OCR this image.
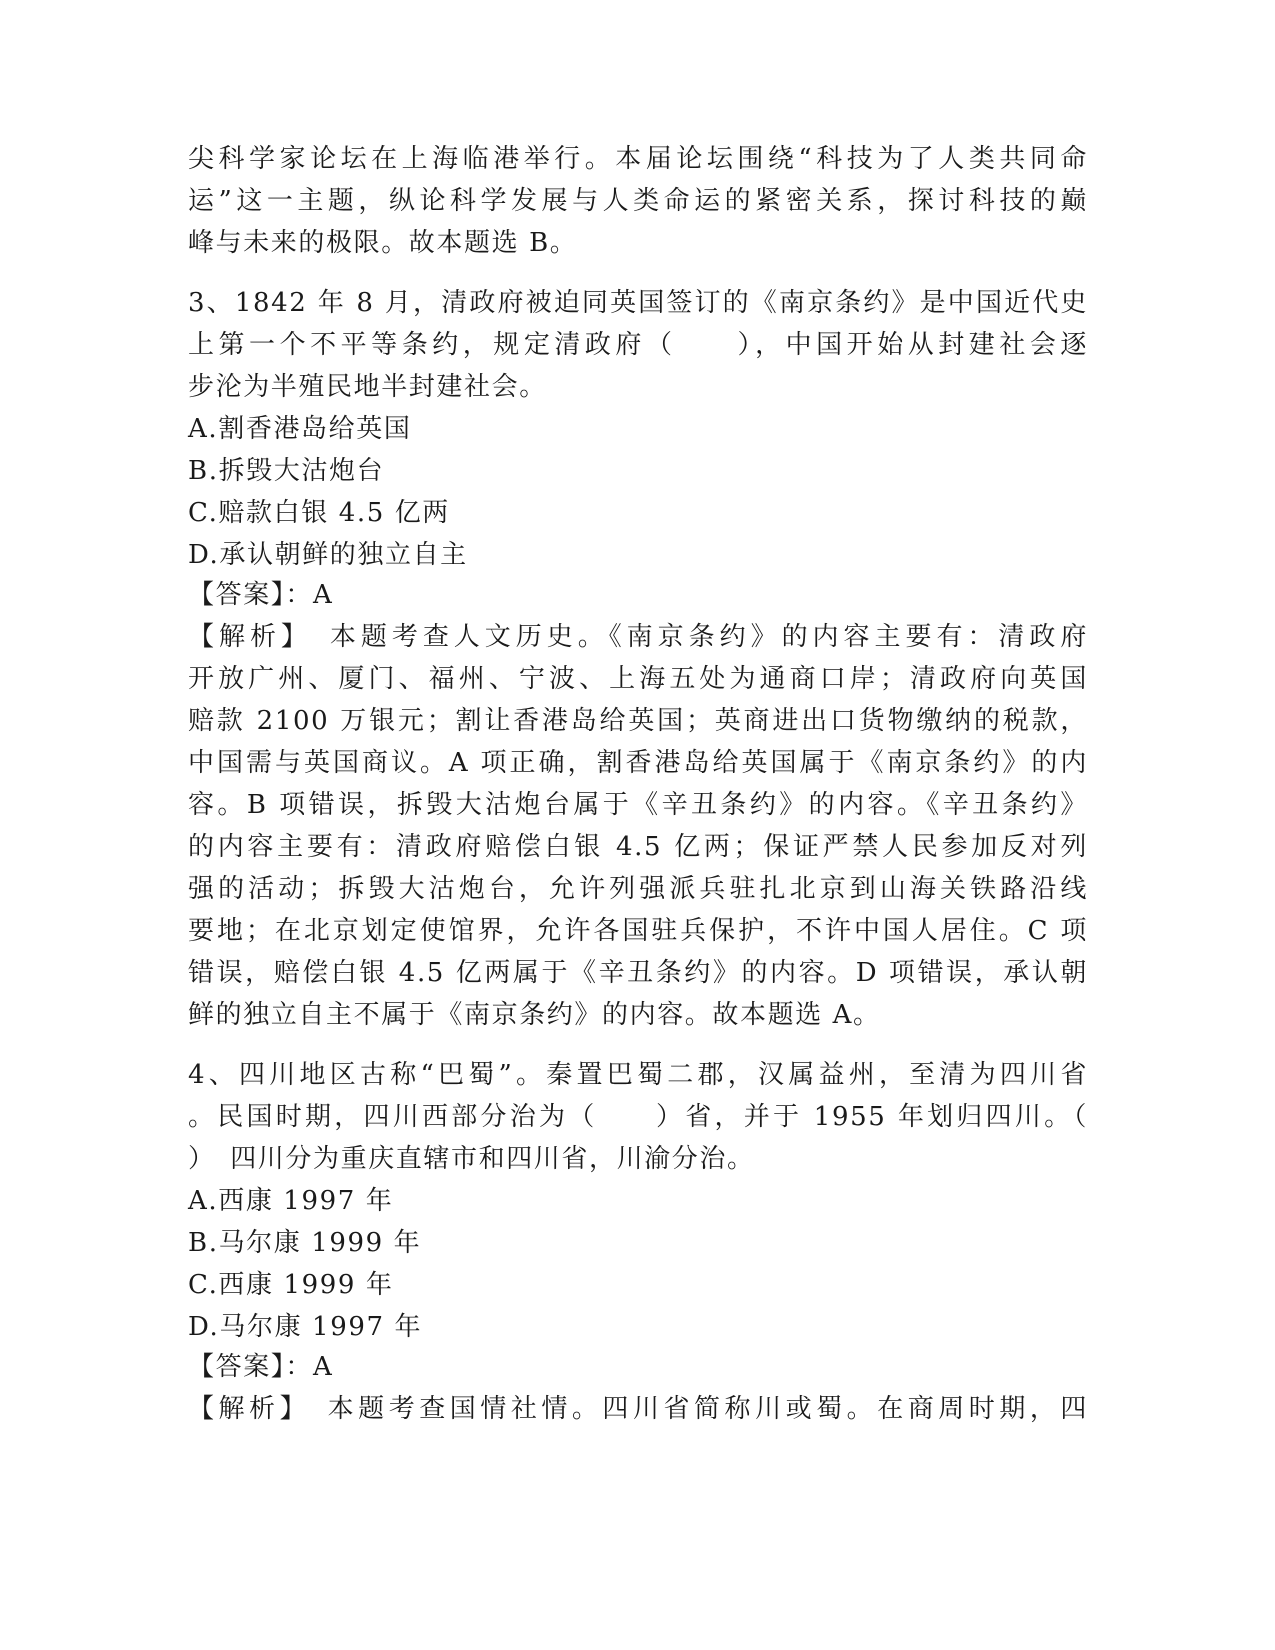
尖科学家论坛在上海临港举行。本届论坛围绕“科技为了人类共同命
运”这一主题，纵论科学发展与人类命运的紧密关系，探讨科技的巅
峰与未来的极限。故本题选 B。
3、1842 年 8 月，清政府被迫同英国签订的《南京条约》是中国近代史
上第一个不平等条约，规定清政府（　　），中国开始从封建社会逐
步沦为半殖民地半封建社会。
A.割香港岛给英国
B.拆毁大沽炮台
C.赔款白银 4.5 亿两
D.承认朝鲜的独立自主
【答案】：A
【解析】　本题考查人文历史。《南京条约》的内容主要有：清政府
开放广州、厦门、福州、宁波、上海五处为通商口岸；清政府向英国
赔款 2100 万银元；割让香港岛给英国；英商进出口货物缴纳的税款，
中国需与英国商议。A 项正确，割香港岛给英国属于《南京条约》的内
容。B 项错误，拆毁大沽炮台属于《辛丑条约》的内容。《辛丑条约》
的内容主要有：清政府赔偿白银 4.5 亿两；保证严禁人民参加反对列
强的活动；拆毁大沽炮台，允许列强派兵驻扎北京到山海关铁路沿线
要地；在北京划定使馆界，允许各国驻兵保护，不许中国人居住。C 项
错误，赔偿白银 4.5 亿两属于《辛丑条约》的内容。D 项错误，承认朝
鲜的独立自主不属于《南京条约》的内容。故本题选 A。
4、四川地区古称“巴蜀”。秦置巴蜀二郡，汉属益州，至清为四川省
。民国时期，四川西部分治为（　　）省，并于 1955 年划归四川。（
）　四川分为重庆直辖市和四川省，川渝分治。
A.西康 1997 年
B.马尔康 1999 年
C.西康 1999 年
D.马尔康 1997 年
【答案】：A
【解析】　本题考查国情社情。四川省简称川或蜀。在商周时期，四
